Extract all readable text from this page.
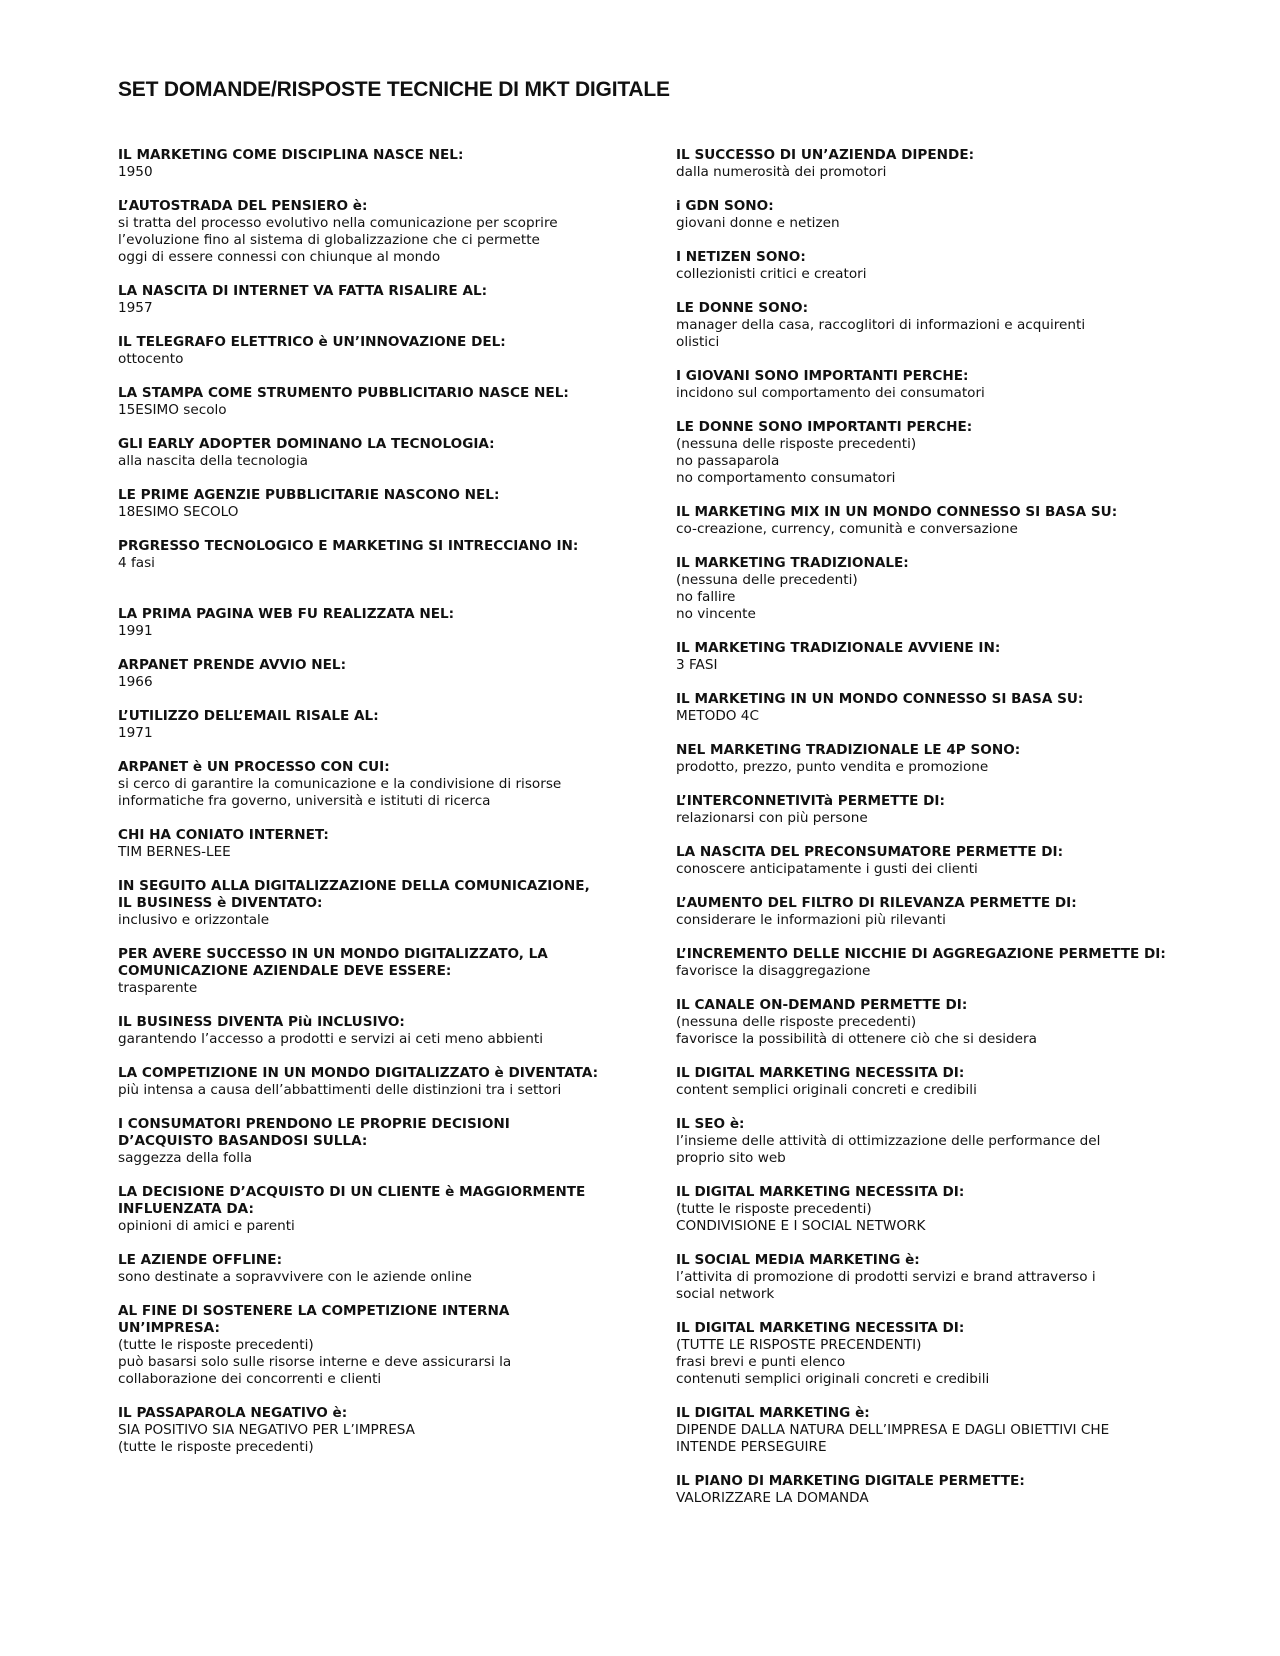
SET DOMANDE/RISPOSTE TECNICHE DI MKT DIGITALE

IL MARKETING COME DISCIPLINA NASCE NEL:

1950

L’AUTOSTRADA DEL PENSIERO è:

si tratta del processo evolutivo nella comunicazione per scoprire

l’evoluzione fino al sistema di globalizzazione che ci permette

oggi di essere connessi con chiunque al mondo

LA NASCITA DI INTERNET VA FATTA RISALIRE AL:

1957

IL TELEGRAFO ELETTRICO è UN’INNOVAZIONE DEL:

ottocento

LA STAMPA COME STRUMENTO PUBBLICITARIO NASCE NEL:

15ESIMO secolo

GLI EARLY ADOPTER DOMINANO LA TECNOLOGIA:

alla nascita della tecnologia

LE PRIME AGENZIE PUBBLICITARIE NASCONO NEL:

18ESIMO SECOLO

PRGRESSO TECNOLOGICO E MARKETING SI INTRECCIANO IN:

4 fasi

LA PRIMA PAGINA WEB FU REALIZZATA NEL:

1991

ARPANET PRENDE AVVIO NEL:

1966

L’UTILIZZO DELL’EMAIL RISALE AL:

1971

ARPANET è UN PROCESSO CON CUI:

si cerco di garantire la comunicazione e la condivisione di risorse

informatiche fra governo, università e istituti di ricerca

CHI HA CONIATO INTERNET:

TIM BERNES-LEE

IN SEGUITO ALLA DIGITALIZZAZIONE DELLA COMUNICAZIONE, IL BUSINESS è DIVENTATO:

inclusivo e orizzontale

PER AVERE SUCCESSO IN UN MONDO DIGITALIZZATO, LA COMUNICAZIONE AZIENDALE DEVE ESSERE:

trasparente

IL BUSINESS DIVENTA Più INCLUSIVO:

garantendo l’accesso a prodotti e servizi ai ceti meno abbienti

LA COMPETIZIONE IN UN MONDO DIGITALIZZATO è DIVENTATA:

più intensa a causa dell’abbattimenti delle distinzioni tra i settori

I CONSUMATORI PRENDONO LE PROPRIE DECISIONI D’ACQUISTO BASANDOSI SULLA:

saggezza della folla

LA DECISIONE D’ACQUISTO DI UN CLIENTE è MAGGIORMENTE INFLUENZATA DA:

opinioni di amici e parenti

LE AZIENDE OFFLINE:

sono destinate a sopravvivere con le aziende online

AL FINE DI SOSTENERE LA COMPETIZIONE INTERNA UN’IMPRESA:

(tutte le risposte precedenti)

può basarsi solo sulle risorse interne e deve assicurarsi la

collaborazione dei concorrenti e clienti

IL PASSAPAROLA NEGATIVO è:

SIA POSITIVO SIA NEGATIVO PER L’IMPRESA

(tutte le risposte precedenti)

IL SUCCESSO DI UN’AZIENDA DIPENDE:

dalla numerosità dei promotori

i GDN SONO:

giovani donne e netizen

I NETIZEN SONO:

collezionisti critici e creatori

LE DONNE SONO:

manager della casa, raccoglitori di informazioni e acquirenti

olistici

I GIOVANI SONO IMPORTANTI PERCHE:

incidono sul comportamento dei consumatori

LE DONNE SONO IMPORTANTI PERCHE:

(nessuna delle risposte precedenti)

no passaparola

no comportamento consumatori

IL MARKETING MIX IN UN MONDO CONNESSO SI BASA SU:

co-creazione, currency, comunità e conversazione

IL MARKETING TRADIZIONALE:

(nessuna delle precedenti)

no fallire

no vincente

IL MARKETING TRADIZIONALE AVVIENE IN:

3 FASI

IL MARKETING IN UN MONDO CONNESSO SI BASA SU:

METODO 4C

NEL MARKETING TRADIZIONALE LE 4P SONO:

prodotto, prezzo, punto vendita e promozione

L’INTERCONNETIVITà PERMETTE DI:

relazionarsi con più persone

LA NASCITA DEL PRECONSUMATORE PERMETTE DI:

conoscere anticipatamente i gusti dei clienti

L’AUMENTO DEL FILTRO DI RILEVANZA PERMETTE DI:

considerare le informazioni più rilevanti

L’INCREMENTO DELLE NICCHIE DI AGGREGAZIONE PERMETTE DI:

favorisce la disaggregazione

IL CANALE ON-DEMAND PERMETTE DI:

(nessuna delle risposte precedenti)

favorisce la possibilità di ottenere ciò che si desidera

IL DIGITAL MARKETING NECESSITA DI:

content semplici originali concreti e credibili

IL SEO è:

l’insieme delle attività di ottimizzazione delle performance del

proprio sito web

IL DIGITAL MARKETING NECESSITA DI:

(tutte le risposte precedenti)

CONDIVISIONE E I SOCIAL NETWORK

IL SOCIAL MEDIA MARKETING è:

l’attivita di promozione di prodotti servizi e brand attraverso i

social network

IL DIGITAL MARKETING NECESSITA DI:

(TUTTE LE RISPOSTE PRECENDENTI)

frasi brevi e punti elenco

contenuti semplici originali concreti e credibili

IL DIGITAL MARKETING è:

DIPENDE DALLA NATURA DELL’IMPRESA E DAGLI OBIETTIVI CHE

INTENDE PERSEGUIRE

IL PIANO DI MARKETING DIGITALE PERMETTE:

VALORIZZARE LA DOMANDA
